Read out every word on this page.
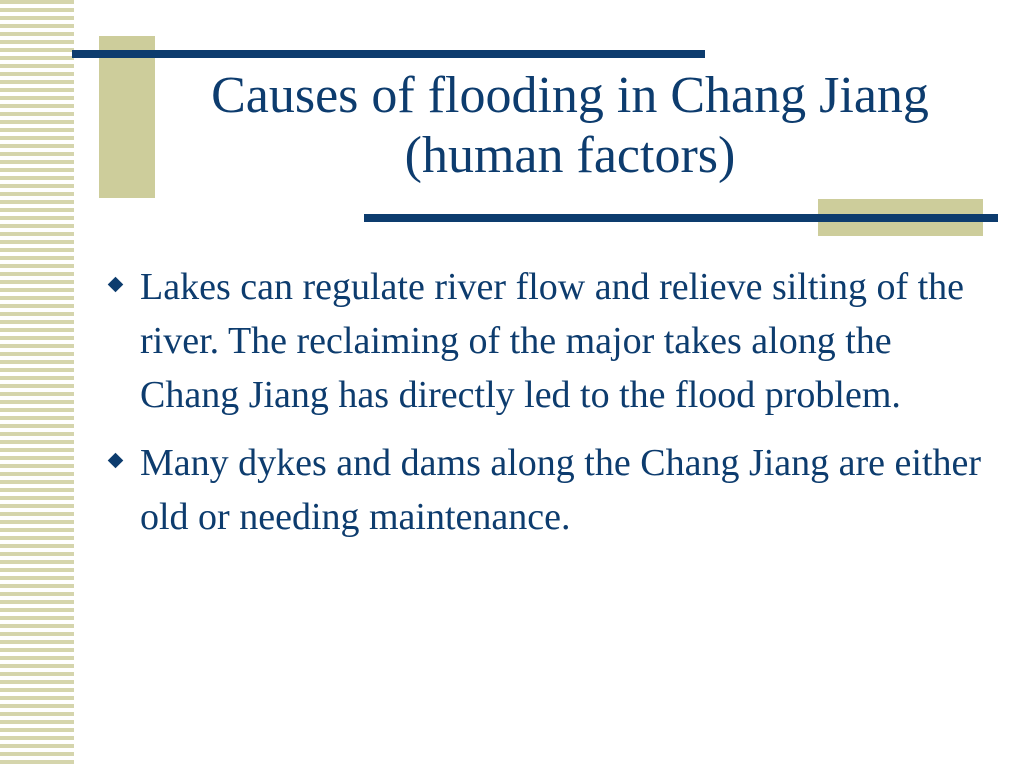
Causes of flooding in Chang Jiang (human factors)
Lakes can regulate river flow and relieve silting of the river. The reclaiming of the major takes along the Chang Jiang has directly led to the flood problem.
Many dykes and dams along the Chang Jiang are either old or needing maintenance.
